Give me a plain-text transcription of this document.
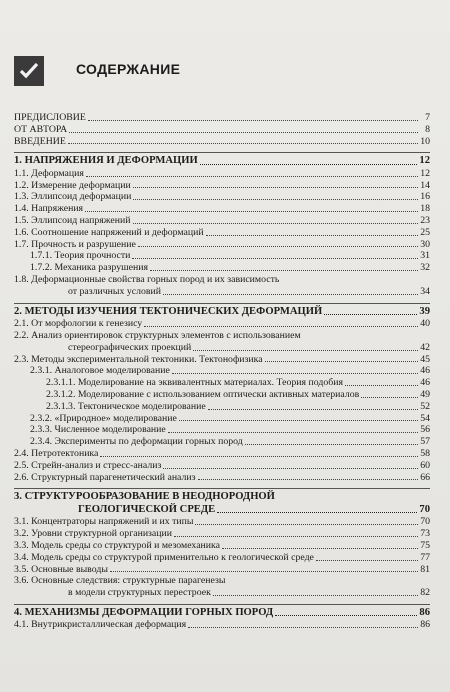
СОДЕРЖАНИЕ
ПРЕДИСЛОВИЕ	7
ОТ АВТОРА	8
ВВЕДЕНИЕ	10
1. НАПРЯЖЕНИЯ И ДЕФОРМАЦИИ	12
1.1. Деформация	12
1.2. Измерение деформации	14
1.3. Эллипсоид деформации	16
1.4. Напряжения	18
1.5. Эллипсоид напряжений	23
1.6. Соотношение напряжений и деформаций	25
1.7. Прочность и разрушение	30
1.7.1. Теория прочности	31
1.7.2. Механика разрушения	32
1.8. Деформационные свойства горных пород и их зависимость
от различных условий	34
2. МЕТОДЫ ИЗУЧЕНИЯ ТЕКТОНИЧЕСКИХ ДЕФОРМАЦИЙ	39
2.1. От морфологии к генезису	40
2.2. Анализ ориентировок структурных элементов с использованием
стереографических проекций	42
2.3. Методы экспериментальной тектоники. Тектонофизика	45
2.3.1. Аналоговое моделирование	46
2.3.1.1. Моделирование на эквивалентных материалах. Теория подобия	46
2.3.1.2. Моделирование с использованием оптически активных материалов	49
2.3.1.3. Тектоническое моделирование	52
2.3.2. «Природное» моделирование	54
2.3.3. Численное моделирование	56
2.3.4. Эксперименты по деформации горных пород	57
2.4. Петротектоника	58
2.5. Стрейн-анализ и стресс-анализ	60
2.6. Структурный парагенетический анализ	66
3. СТРУКТУРООБРАЗОВАНИЕ В НЕОДНОРОДНОЙ
ГЕОЛОГИЧЕСКОЙ СРЕДЕ	70
3.1. Концентраторы напряжений и их типы	70
3.2. Уровни структурной организации	73
3.3. Модель среды со структурой и мезомеханика	75
3.4. Модель среды со структурой применительно к геологической среде	77
3.5. Основные выводы	81
3.6. Основные следствия: структурные парагенезы
в модели структурных перестроек	82
4. МЕХАНИЗМЫ ДЕФОРМАЦИИ ГОРНЫХ ПОРОД	86
4.1. Внутрикристаллическая деформация	86
